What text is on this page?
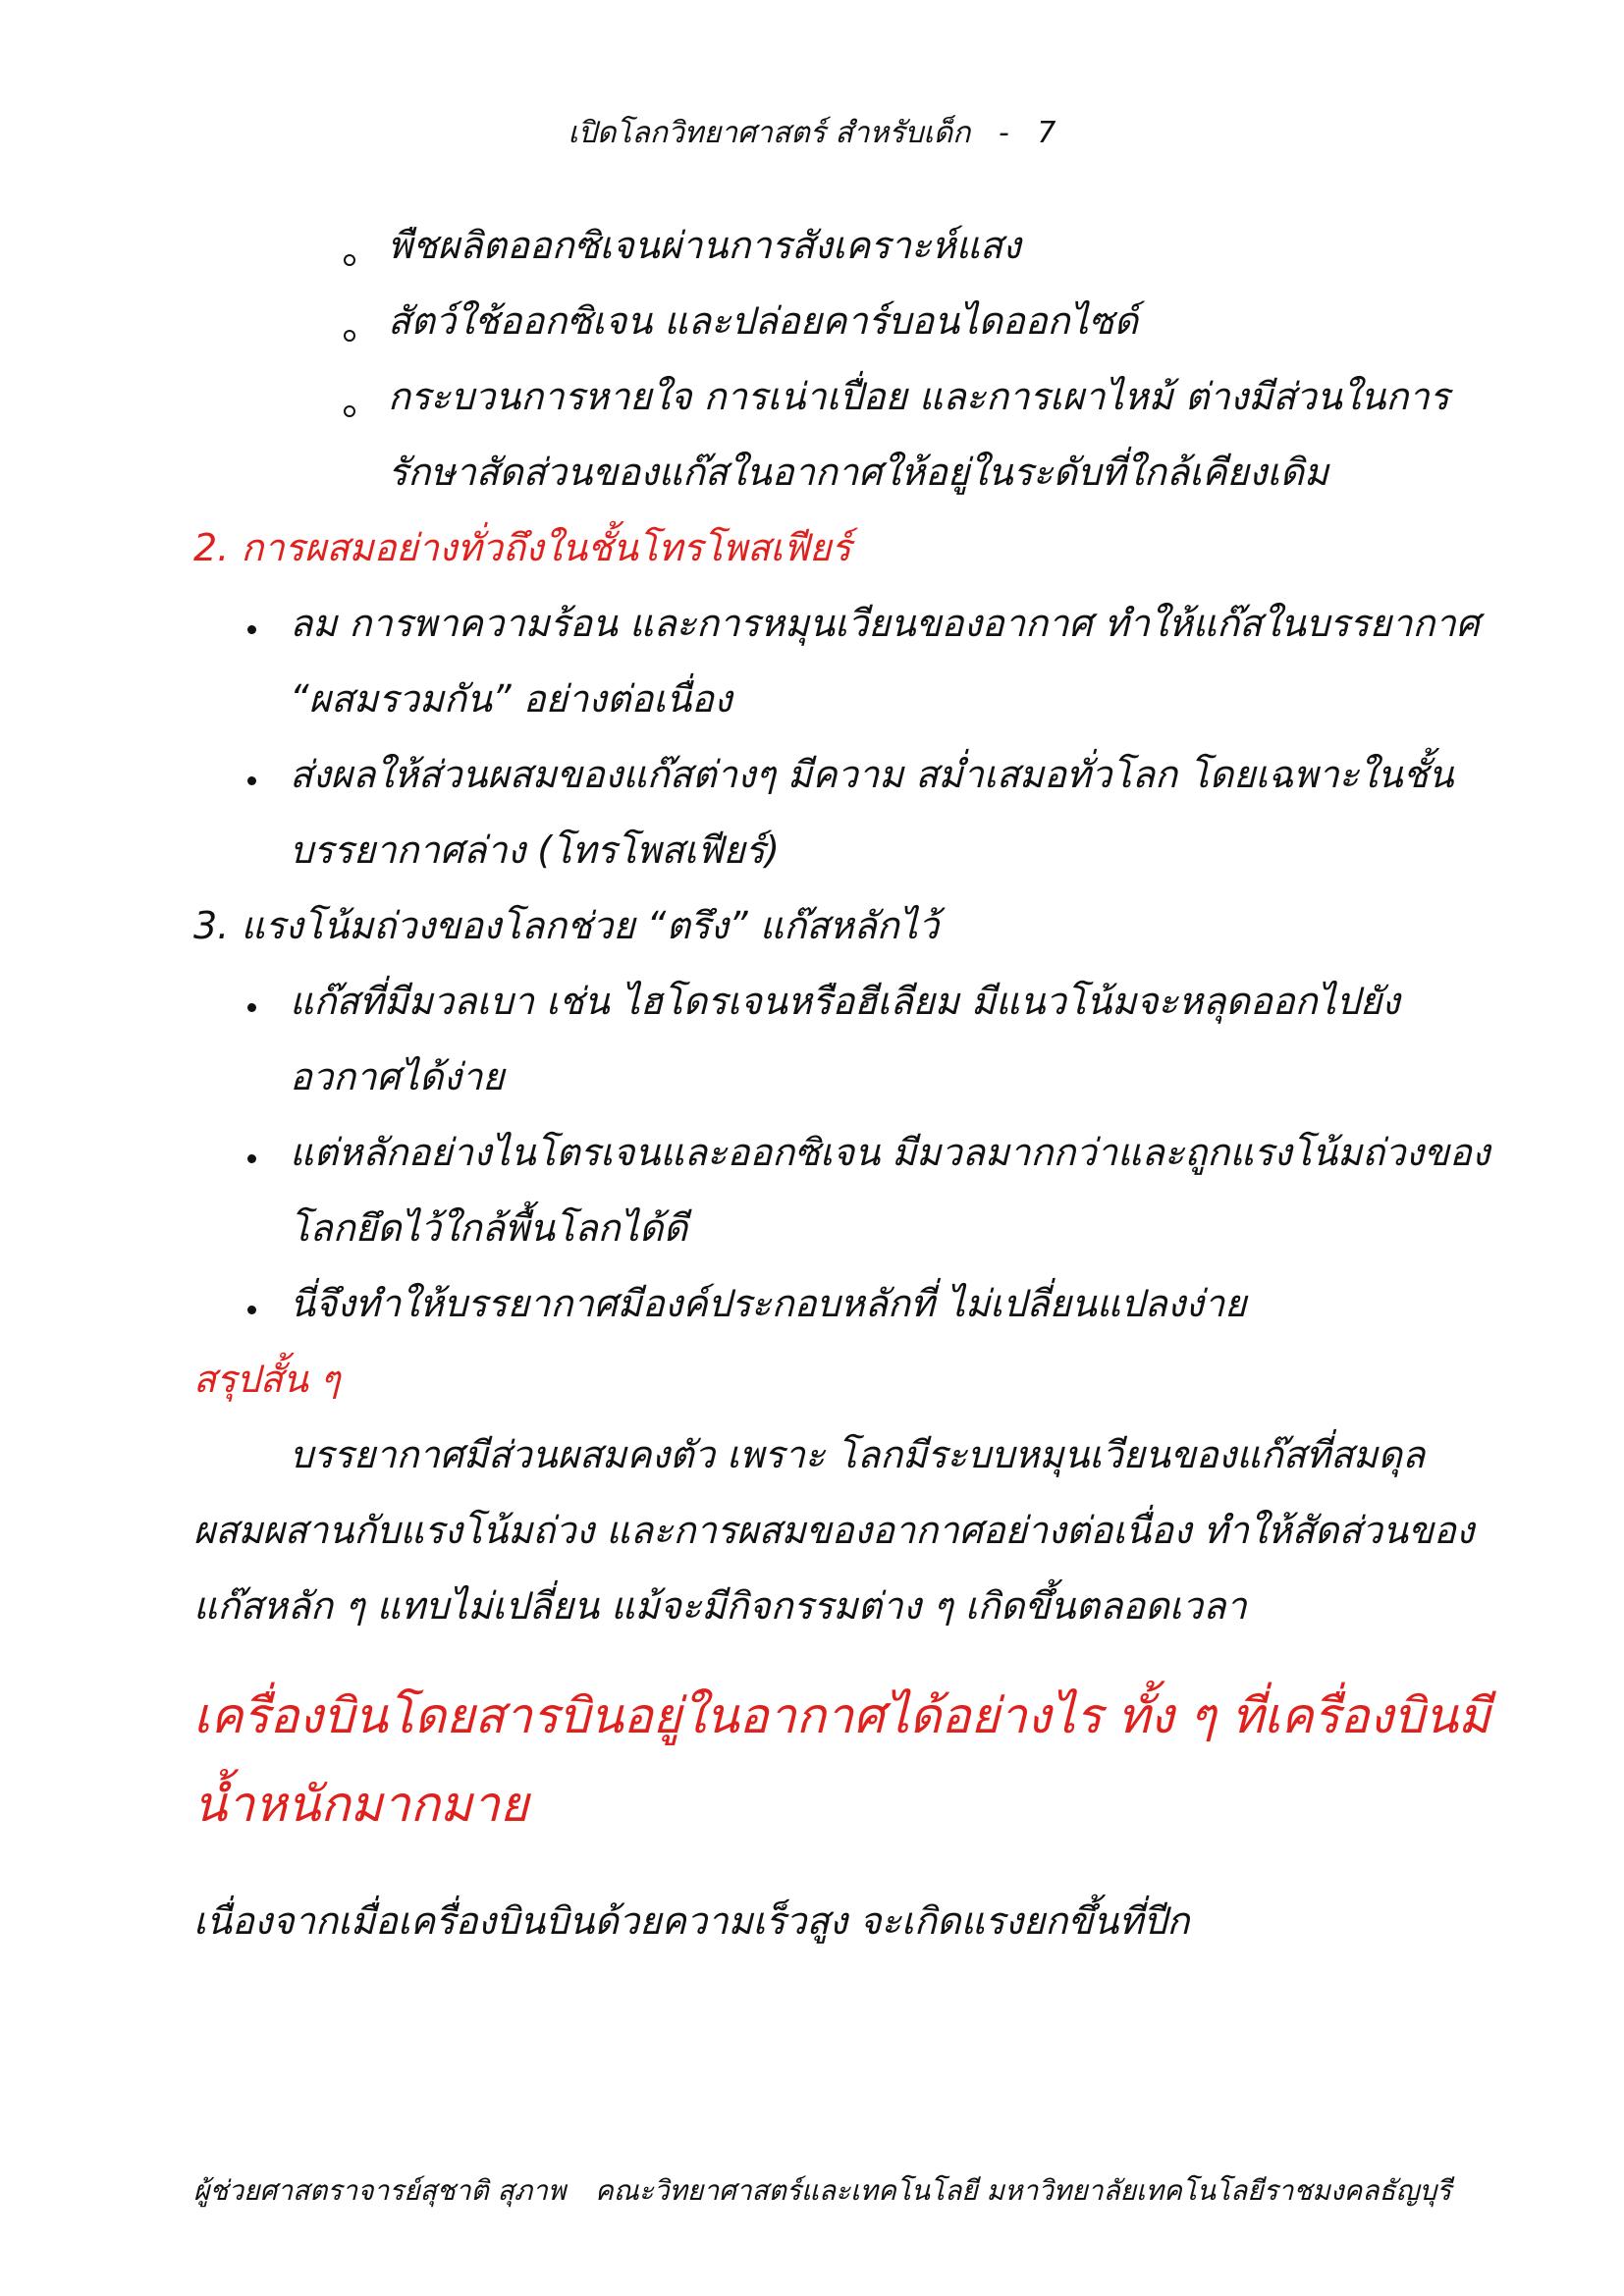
เปิดโลกวิทยาศาสตร์ สำหรับเด็ก - 7
พืชผลิตออกซิเจนผ่านการสังเคราะห์แสง
สัตว์ใช้ออกซิเจน และปล่อยคาร์บอนไดออกไซด์
กระบวนการหายใจ การเน่าเปื่อย และการเผาไหม้ ต่างมีส่วนในการ
รักษาสัดส่วนของแก๊สในอากาศให้อยู่ในระดับที่ใกล้เคียงเดิม
2. การผสมอย่างทั่วถึงในชั้นโทรโพสเฟียร์
ลม การพาความร้อน และการหมุนเวียนของอากาศ ทำให้แก๊สในบรรยากาศ
“ผสมรวมกัน” อย่างต่อเนื่อง
ส่งผลให้ส่วนผสมของแก๊สต่างๆ มีความ สม่ำเสมอทั่วโลก โดยเฉพาะในชั้น
บรรยากาศล่าง (โทรโพสเฟียร์)
3. แรงโน้มถ่วงของโลกช่วย “ตรึง” แก๊สหลักไว้
แก๊สที่มีมวลเบา เช่น ไฮโดรเจนหรือฮีเลียม มีแนวโน้มจะหลุดออกไปยัง
อวกาศได้ง่าย
แต่หลักอย่างไนโตรเจนและออกซิเจน มีมวลมากกว่าและถูกแรงโน้มถ่วงของ
โลกยึดไว้ใกล้พื้นโลกได้ดี
นี่จึงทำให้บรรยากาศมีองค์ประกอบหลักที่ ไม่เปลี่ยนแปลงง่าย
สรุปสั้น ๆ
บรรยากาศมีส่วนผสมคงตัว เพราะ โลกมีระบบหมุนเวียนของแก๊สที่สมดุล
ผสมผสานกับแรงโน้มถ่วง และการผสมของอากาศอย่างต่อเนื่อง ทำให้สัดส่วนของ
แก๊สหลัก ๆ แทบไม่เปลี่ยน แม้จะมีกิจกรรมต่าง ๆ เกิดขึ้นตลอดเวลา
เครื่องบินโดยสารบินอยู่ในอากาศได้อย่างไร ทั้ง ๆ ที่เครื่องบินมี
น้ำหนักมากมาย
เนื่องจากเมื่อเครื่องบินบินด้วยความเร็วสูง จะเกิดแรงยกขึ้นที่ปีก
ผู้ช่วยศาสตราจารย์สุชาติ สุภาพ คณะวิทยาศาสตร์และเทคโนโลยี มหาวิทยาลัยเทคโนโลยีราชมงคลธัญบุรี
